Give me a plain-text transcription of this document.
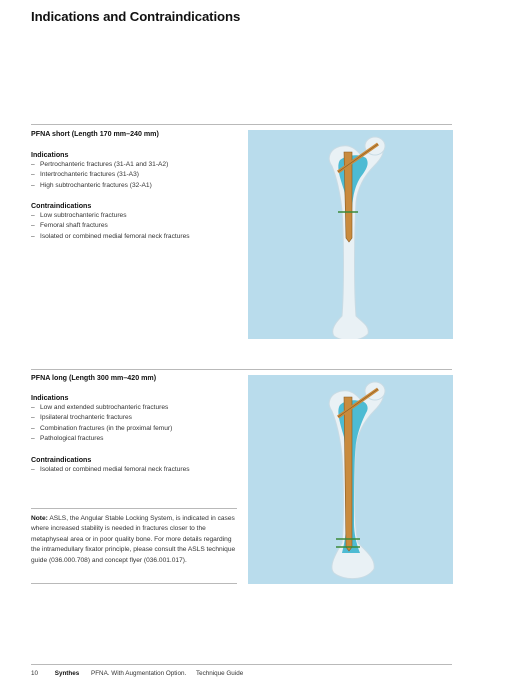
Indications and Contraindications
PFNA short (Length 170 mm–240 mm)
Indications
– Pertrochanteric fractures (31-A1 and 31-A2)
– Intertrochanteric fractures (31-A3)
– High subtrochanteric fractures (32-A1)
Contraindications
– Low subtrochanteric fractures
– Femoral shaft fractures
– Isolated or combined medial femoral neck fractures
PFNA long (Length 300 mm–420 mm)
Indications
– Low and extended subtrochanteric fractures
– Ipsilateral trochanteric fractures
– Combination fractures (in the proximal femur)
– Pathological fractures
Contraindications
– Isolated or combined medial femoral neck fractures
Note: ASLS, the Angular Stable Locking System, is indicated in cases where increased stability is needed in fractures closer to the metaphyseal area or in poor quality bone. For more details regarding the intramedullary fixator principle, please consult the ASLS technique guide (036.000.708) and concept flyer (036.001.017).
10	Synthes PFNA. With Augmentation Option. Technique Guide
